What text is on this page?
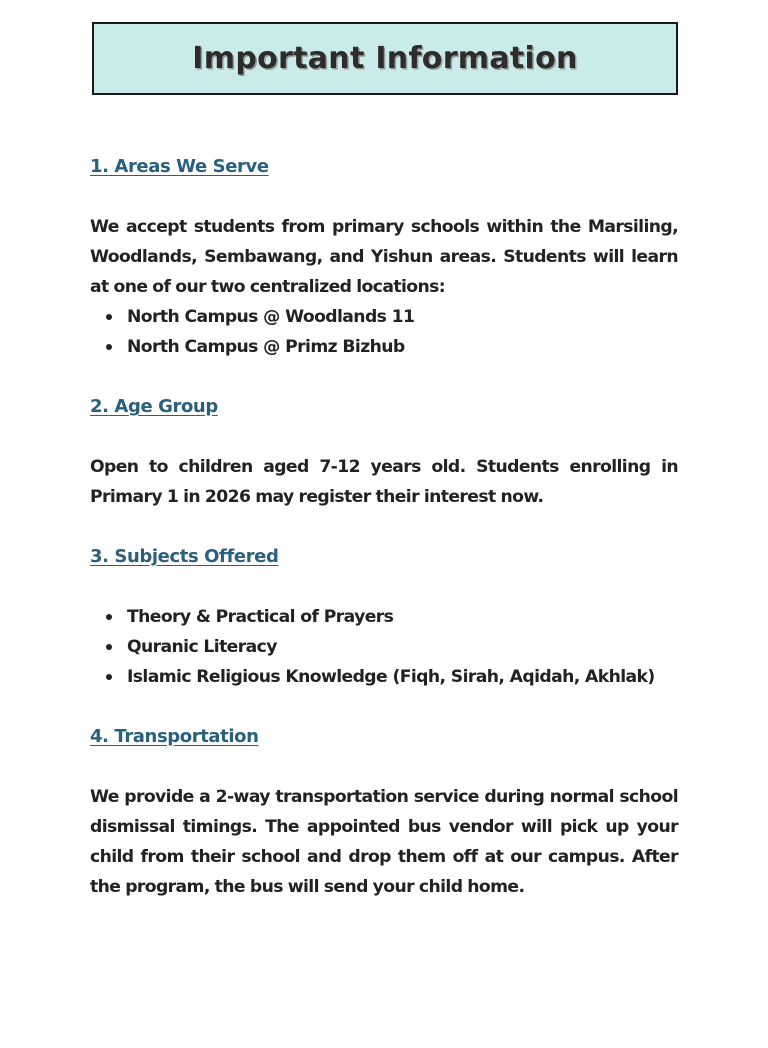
Important Information

1. Areas We Serve

We accept students from primary schools within the Marsiling, Woodlands, Sembawang, and Yishun areas. Students will learn at one of our two centralized locations:

North Campus @ Woodlands 11
North Campus @ Primz Bizhub

2. Age Group

Open to children aged 7-12 years old. Students enrolling in Primary 1 in 2026 may register their interest now.

3. Subjects Offered

Theory & Practical of Prayers
Quranic Literacy
Islamic Religious Knowledge (Fiqh, Sirah, Aqidah, Akhlak)

4. Transportation

We provide a 2-way transportation service during normal school dismissal timings. The appointed bus vendor will pick up your child from their school and drop them off at our campus. After the program, the bus will send your child home.
